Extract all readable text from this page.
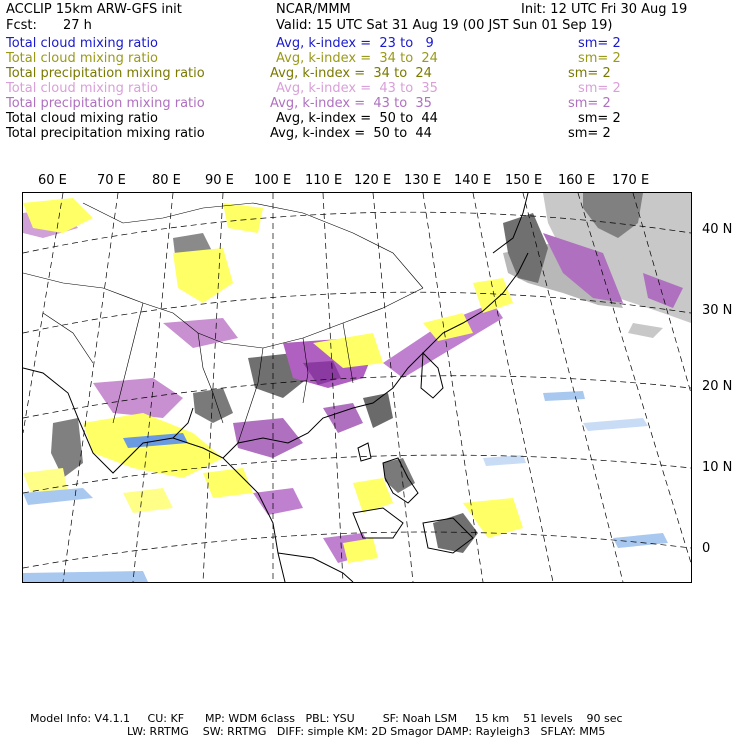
ACCLIP 15km ARW-GFS init	NCAR/MMM	Init: 12 UTC Fri 30 Aug 19
Fcst: 27 h	Valid: 15 UTC Sat 31 Aug 19 (00 JST Sun 01 Sep 19)
Total cloud mixing ratio	Avg, k-index =  23 to   9	sm= 2
Total cloud mixing ratio	Avg, k-index =  34 to  24	sm= 2
Total precipitation mixing ratio	Avg, k-index =  34 to  24	sm= 2
Total cloud mixing ratio	Avg, k-index =  43 to  35	sm= 2
Total precipitation mixing ratio	Avg, k-index =  43 to  35	sm= 2
Total cloud mixing ratio	Avg, k-index =  50 to  44	sm= 2
Total precipitation mixing ratio	Avg, k-index =  50 to  44	sm= 2
60 E 70 E 80 E 90 E 100 E 110 E 120 E 130 E 140 E 150 E 160 E 170 E
40 N
30 N
20 N
10 N
0
Model Info: V4.1.1     CU: KF      MP: WDM 6class   PBL: YSU        SF: Noah LSM     15 km    51 levels    90 sec
LW: RRTMG    SW: RRTMG   DIFF: simple KM: 2D Smagor DAMP: Rayleigh3   SFLAY: MM5
